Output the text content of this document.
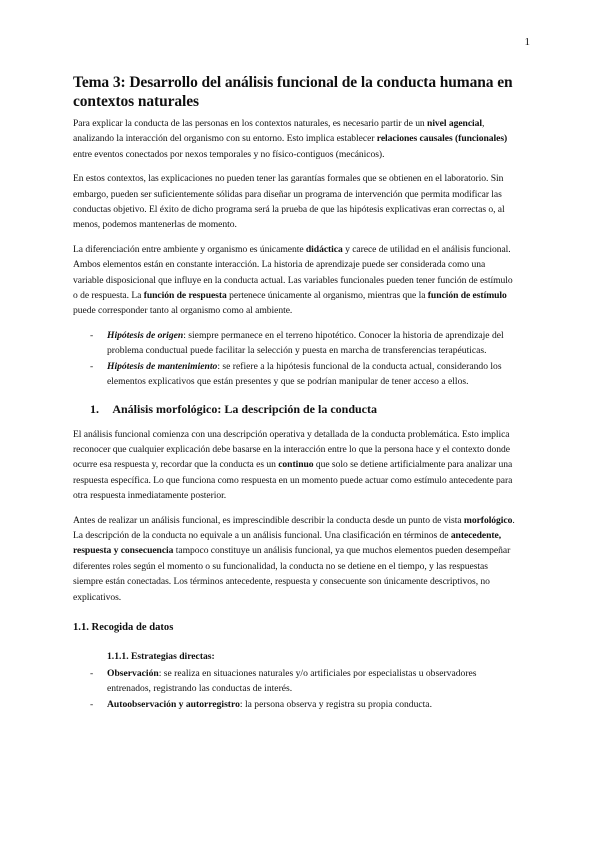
1
Tema 3: Desarrollo del análisis funcional de la conducta humana en contextos naturales

Para explicar la conducta de las personas en los contextos naturales, es necesario partir de un nivel agencial, analizando la interacción del organismo con su entorno. Esto implica establecer relaciones causales (funcionales) entre eventos conectados por nexos temporales y no físico-contiguos (mecánicos).

En estos contextos, las explicaciones no pueden tener las garantías formales que se obtienen en el laboratorio. Sin embargo, pueden ser suficientemente sólidas para diseñar un programa de intervención que permita modificar las conductas objetivo. El éxito de dicho programa será la prueba de que las hipótesis explicativas eran correctas o, al menos, podemos mantenerlas de momento.

La diferenciación entre ambiente y organismo es únicamente didáctica y carece de utilidad en el análisis funcional. Ambos elementos están en constante interacción. La historia de aprendizaje puede ser considerada como una variable disposicional que influye en la conducta actual. Las variables funcionales pueden tener función de estímulo o de respuesta. La función de respuesta pertenece únicamente al organismo, mientras que la función de estímulo puede corresponder tanto al organismo como al ambiente.

- Hipótesis de origen: siempre permanece en el terreno hipotético. Conocer la historia de aprendizaje del problema conductual puede facilitar la selección y puesta en marcha de transferencias terapéuticas.
- Hipótesis de mantenimiento: se refiere a la hipótesis funcional de la conducta actual, considerando los elementos explicativos que están presentes y que se podrían manipular de tener acceso a ellos.
1. Análisis morfológico: La descripción de la conducta

El análisis funcional comienza con una descripción operativa y detallada de la conducta problemática. Esto implica reconocer que cualquier explicación debe basarse en la interacción entre lo que la persona hace y el contexto donde ocurre esa respuesta y, recordar que la conducta es un continuo que solo se detiene artificialmente para analizar una respuesta específica. Lo que funciona como respuesta en un momento puede actuar como estímulo antecedente para otra respuesta inmediatamente posterior.

Antes de realizar un análisis funcional, es imprescindible describir la conducta desde un punto de vista morfológico. La descripción de la conducta no equivale a un análisis funcional. Una clasificación en términos de antecedente, respuesta y consecuencia tampoco constituye un análisis funcional, ya que muchos elementos pueden desempeñar diferentes roles según el momento o su funcionalidad, la conducta no se detiene en el tiempo, y las respuestas siempre están conectadas. Los términos antecedente, respuesta y consecuente son únicamente descriptivos, no explicativos.

1.1. Recogida de datos
1.1.1. Estrategias directas:
- Observación: se realiza en situaciones naturales y/o artificiales por especialistas u observadores entrenados, registrando las conductas de interés.
- Autoobservación y autorregistro: la persona observa y registra su propia conducta.
